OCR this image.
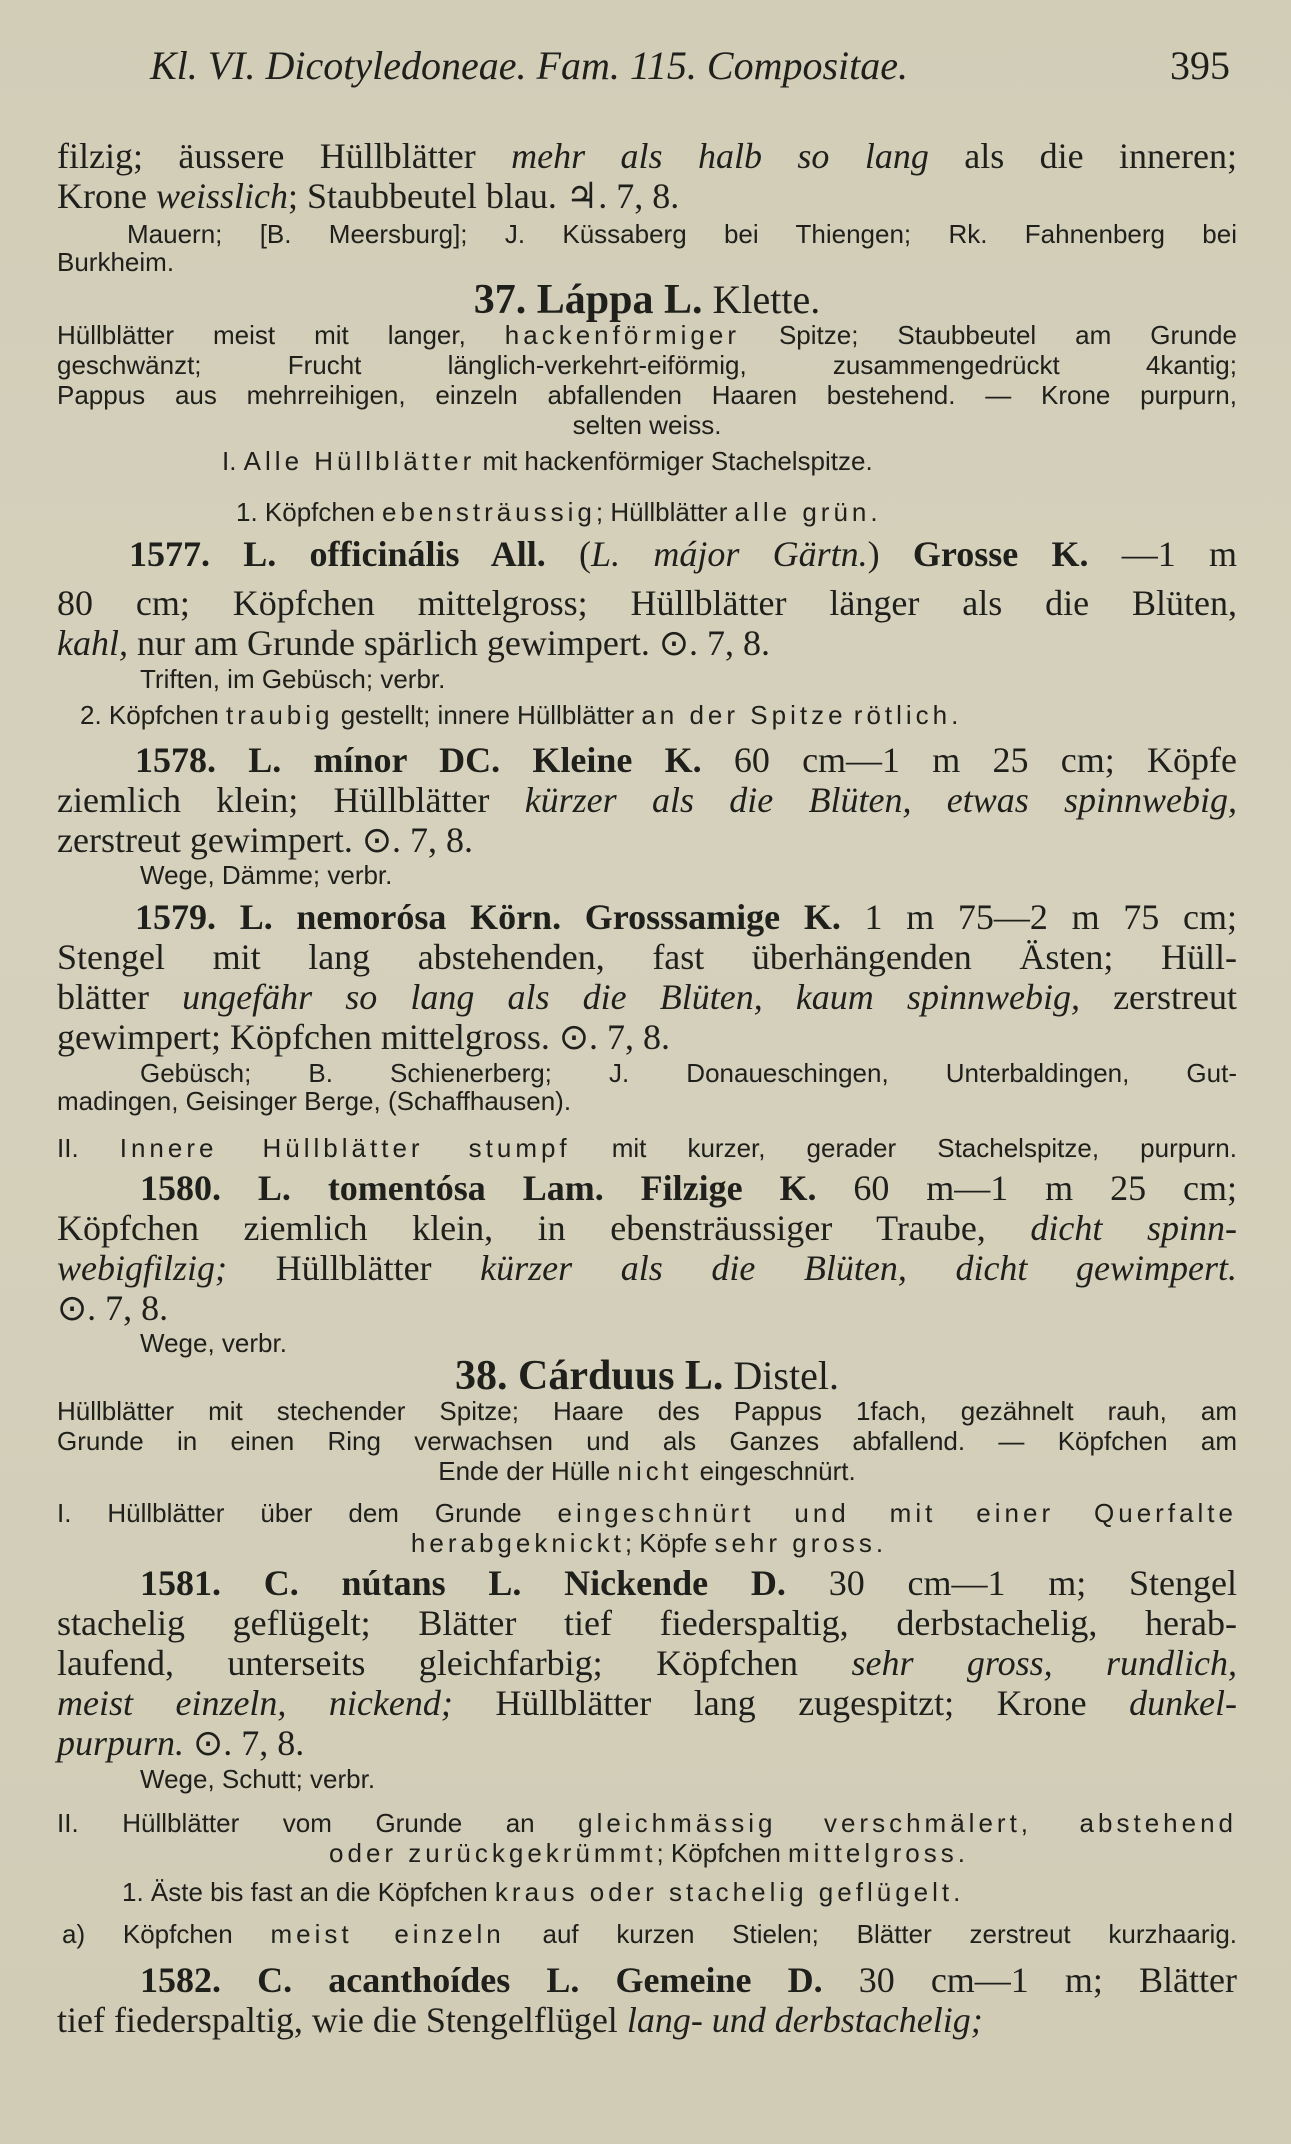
Kl. VI. Dicotyledoneae. Fam. 115. Compositae.	395
filzig; äussere Hüllblätter mehr als halb so lang als die inneren;
Krone weisslich; Staubbeutel blau. ♃. 7, 8.
Mauern; [B. Meersburg]; J. Küssaberg bei Thiengen; Rk. Fahnenberg bei
Burkheim.
37. Láppa L. Klette.
Hüllblätter meist mit langer, hackenförmiger Spitze; Staubbeutel am Grunde
geschwänzt; Frucht länglich-verkehrt-eiförmig, zusammengedrückt 4kantig;
Pappus aus mehrreihigen, einzeln abfallenden Haaren bestehend. — Krone purpurn,
selten weiss.
I. Alle Hüllblätter mit hackenförmiger Stachelspitze.
1. Köpfchen ebensträussig; Hüllblätter alle grün.
1577. L. officinális All. (L. májor Gärtn.) Grosse K. —1 m
80 cm; Köpfchen mittelgross; Hüllblätter länger als die Blüten,
kahl, nur am Grunde spärlich gewimpert. ⊙. 7, 8.
Triften, im Gebüsch; verbr.
2. Köpfchen traubig gestellt; innere Hüllblätter an der Spitze rötlich.
1578. L. mínor DC. Kleine K. 60 cm—1 m 25 cm; Köpfe
ziemlich klein; Hüllblätter kürzer als die Blüten, etwas spinnwebig,
zerstreut gewimpert. ⊙. 7, 8.
Wege, Dämme; verbr.
1579. L. nemorósa Körn. Grosssamige K. 1 m 75—2 m 75 cm;
Stengel mit lang abstehenden, fast überhängenden Ästen; Hüll-
blätter ungefähr so lang als die Blüten, kaum spinnwebig, zerstreut
gewimpert; Köpfchen mittelgross. ⊙. 7, 8.
Gebüsch; B. Schienerberg; J. Donaueschingen, Unterbaldingen, Gut-
madingen, Geisinger Berge, (Schaffhausen).
II. Innere Hüllblätter stumpf mit kurzer, gerader Stachelspitze, purpurn.
1580. L. tomentósa Lam. Filzige K. 60 m—1 m 25 cm;
Köpfchen ziemlich klein, in ebensträussiger Traube, dicht spinn-
webigfilzig; Hüllblätter kürzer als die Blüten, dicht gewimpert.
⊙. 7, 8.
Wege, verbr.
38. Cárduus L. Distel.
Hüllblätter mit stechender Spitze; Haare des Pappus 1fach, gezähnelt rauh, am
Grunde in einen Ring verwachsen und als Ganzes abfallend. — Köpfchen am
Ende der Hülle nicht eingeschnürt.
I. Hüllblätter über dem Grunde eingeschnürt und mit einer Querfalte
herabgeknickt; Köpfe sehr gross.
1581. C. nútans L. Nickende D. 30 cm—1 m; Stengel
stachelig geflügelt; Blätter tief fiederspaltig, derbstachelig, herab-
laufend, unterseits gleichfarbig; Köpfchen sehr gross, rundlich,
meist einzeln, nickend; Hüllblätter lang zugespitzt; Krone dunkel-
purpurn. ⊙. 7, 8.
Wege, Schutt; verbr.
II. Hüllblätter vom Grunde an gleichmässig verschmälert, abstehend
oder zurückgekrümmt; Köpfchen mittelgross.
1. Äste bis fast an die Köpfchen kraus oder stachelig geflügelt.
a) Köpfchen meist einzeln auf kurzen Stielen; Blätter zerstreut kurzhaarig.
1582. C. acanthoídes L. Gemeine D. 30 cm—1 m; Blätter
tief fiederspaltig, wie die Stengelflügel lang- und derbstachelig;
